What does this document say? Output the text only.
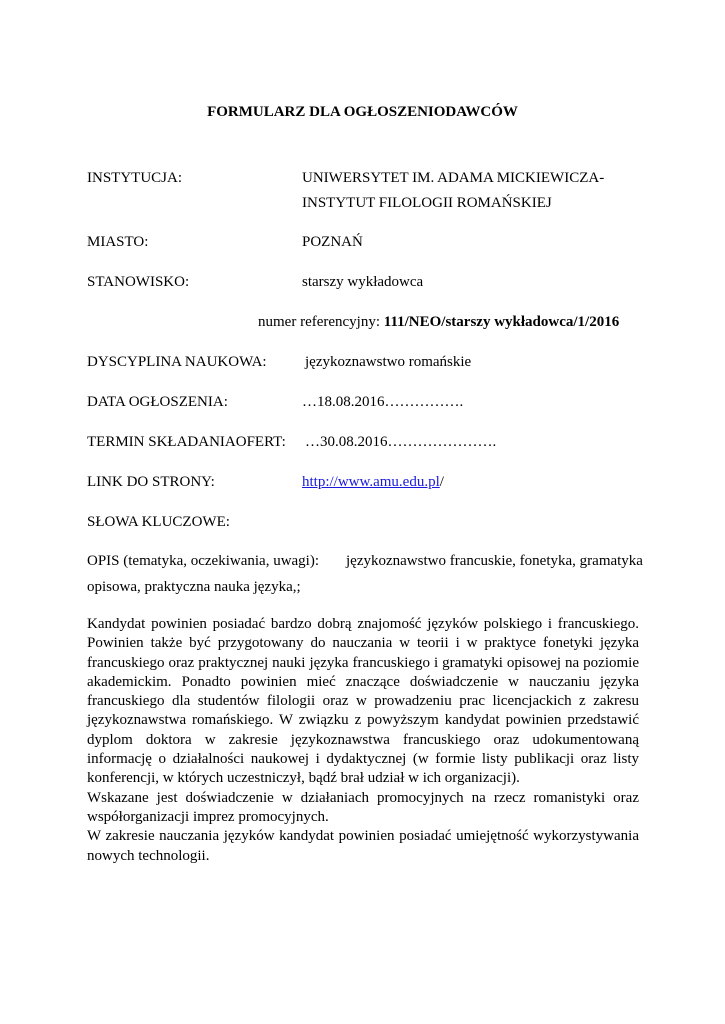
FORMULARZ DLA OGŁOSZENIODAWCÓW
INSTYTUCJA:	UNIWERSYTET IM. ADAMA MICKIEWICZA-
INSTYTUT FILOLOGII ROMAŃSKIEJ
MIASTO:	POZNAŃ
STANOWISKO:	starszy wykładowca
numer referencyjny: 111/NEO/starszy wykładowca/1/2016
DYSCYPLINA NAUKOWA:	językoznawstwo romańskie
DATA OGŁOSZENIA:	…18.08.2016…………….
TERMIN SKŁADANIAOFERT: …30.08.2016………………….
LINK DO STRONY:	http://www.amu.edu.pl/
SŁOWA KLUCZOWE:
OPIS (tematyka, oczekiwania, uwagi): językoznawstwo francuskie, fonetyka, gramatyka
opisowa, praktyczna nauka języka,;

Kandydat powinien posiadać bardzo dobrą znajomość języków polskiego i francuskiego. Powinien także być przygotowany do nauczania w teorii i w praktyce fonetyki języka francuskiego oraz praktycznej nauki języka francuskiego i gramatyki opisowej na poziomie akademickim. Ponadto powinien mieć znaczące doświadczenie w nauczaniu języka francuskiego dla studentów filologii oraz w prowadzeniu prac licencjackich z zakresu językoznawstwa romańskiego. W związku z powyższym kandydat powinien przedstawić dyplom doktora w zakresie językoznawstwa francuskiego oraz udokumentowaną informację o działalności naukowej i dydaktycznej (w formie listy publikacji oraz listy konferencji, w których uczestniczył, bądź brał udział w ich organizacji).

Wskazane jest doświadczenie w działaniach promocyjnych na rzecz romanistyki oraz współorganizacji imprez promocyjnych.

W zakresie nauczania języków kandydat powinien posiadać umiejętność wykorzystywania nowych technologii.
